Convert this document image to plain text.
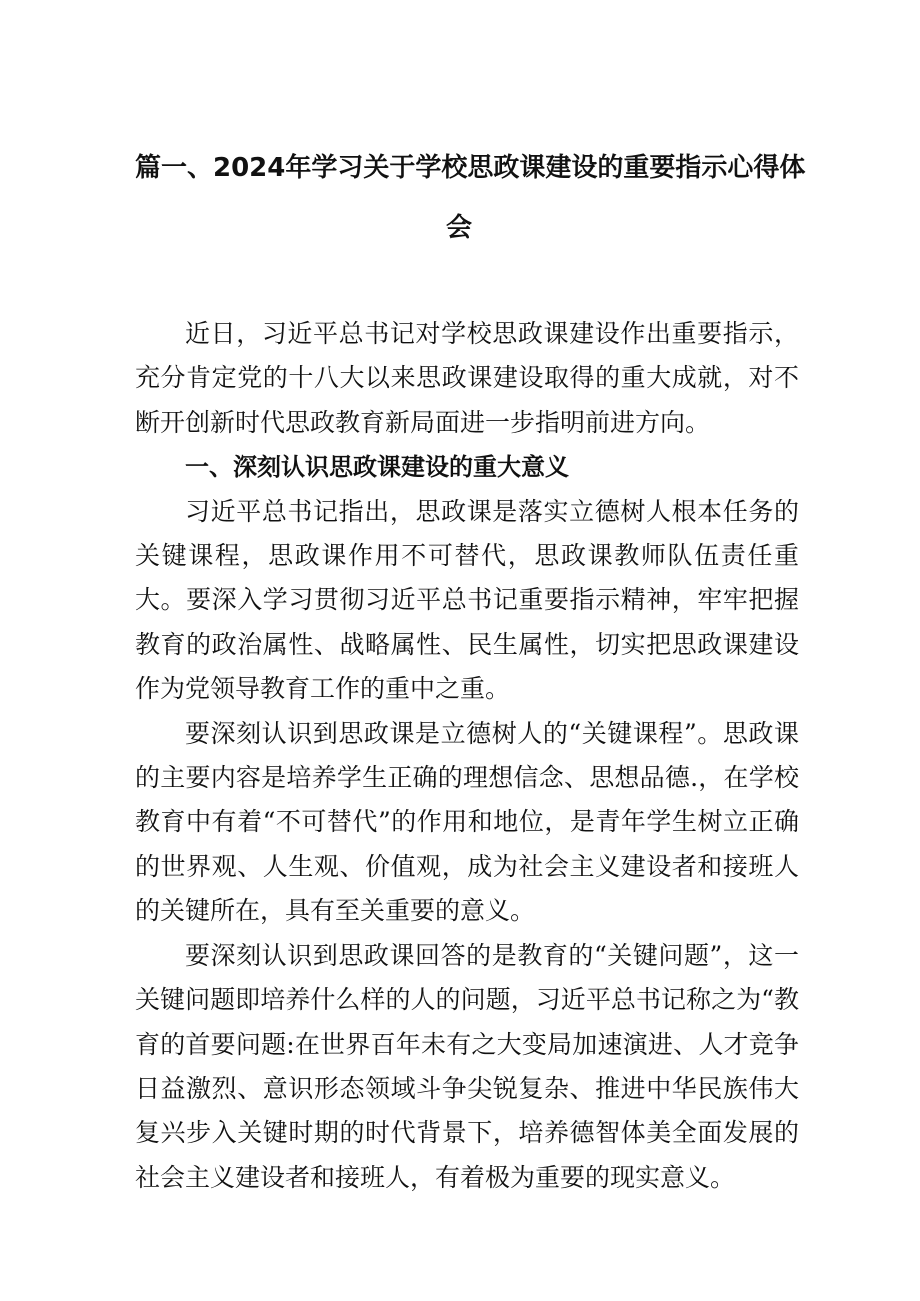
篇一、2024年学习关于学校思政课建设的重要指示心得体
会

近日，习近平总书记对学校思政课建设作出重要指示，充分肯定党的十八大以来思政课建设取得的重大成就，对不断开创新时代思政教育新局面进一步指明前进方向。

一、深刻认识思政课建设的重大意义

习近平总书记指出，思政课是落实立德树人根本任务的关键课程，思政课作用不可替代，思政课教师队伍责任重大。要深入学习贯彻习近平总书记重要指示精神，牢牢把握教育的政治属性、战略属性、民生属性，切实把思政课建设作为党领导教育工作的重中之重。

要深刻认识到思政课是立德树人的“关键课程”。思政课的主要内容是培养学生正确的理想信念、思想品德.，在学校教育中有着“不可替代”的作用和地位，是青年学生树立正确的世界观、人生观、价值观，成为社会主义建设者和接班人的关键所在，具有至关重要的意义。

要深刻认识到思政课回答的是教育的“关键问题”，这一关键问题即培养什么样的人的问题，习近平总书记称之为“教育的首要问题:在世界百年未有之大变局加速演进、人才竞争日益激烈、意识形态领域斗争尖锐复杂、推进中华民族伟大复兴步入关键时期的时代背景下，培养德智体美全面发展的社会主义建设者和接班人，有着极为重要的现实意义。
